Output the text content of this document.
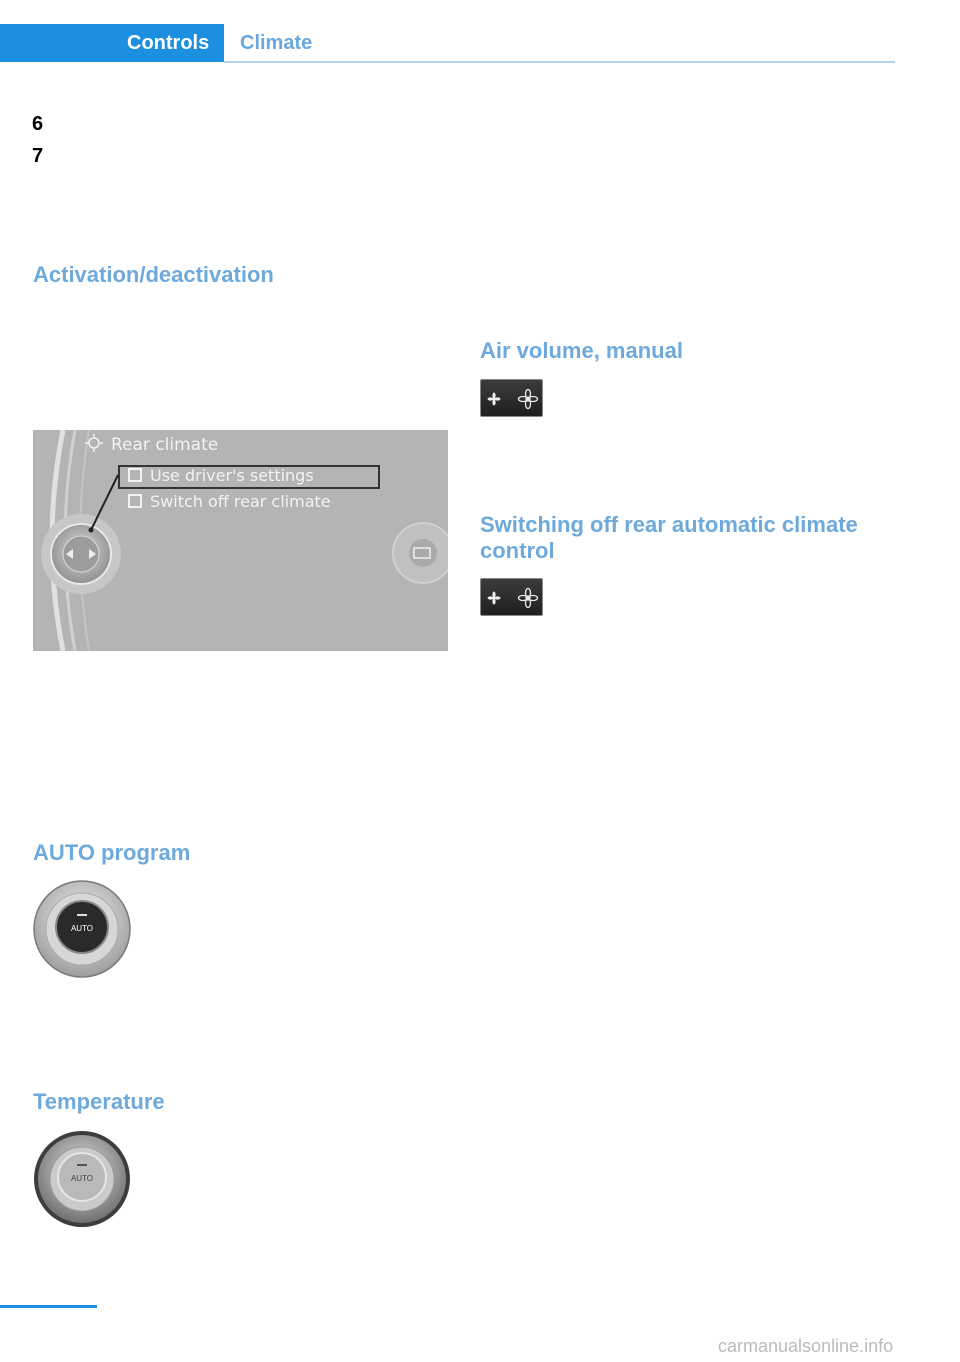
Controls	Climate
6
7
Activation/deactivation
Rear climate
Use driver's settings
Switch off rear climate
AUTO program
AUTO
Temperature
AUTO
Air volume, manual
Switching off rear automatic climate control
carmanualsonline.info
